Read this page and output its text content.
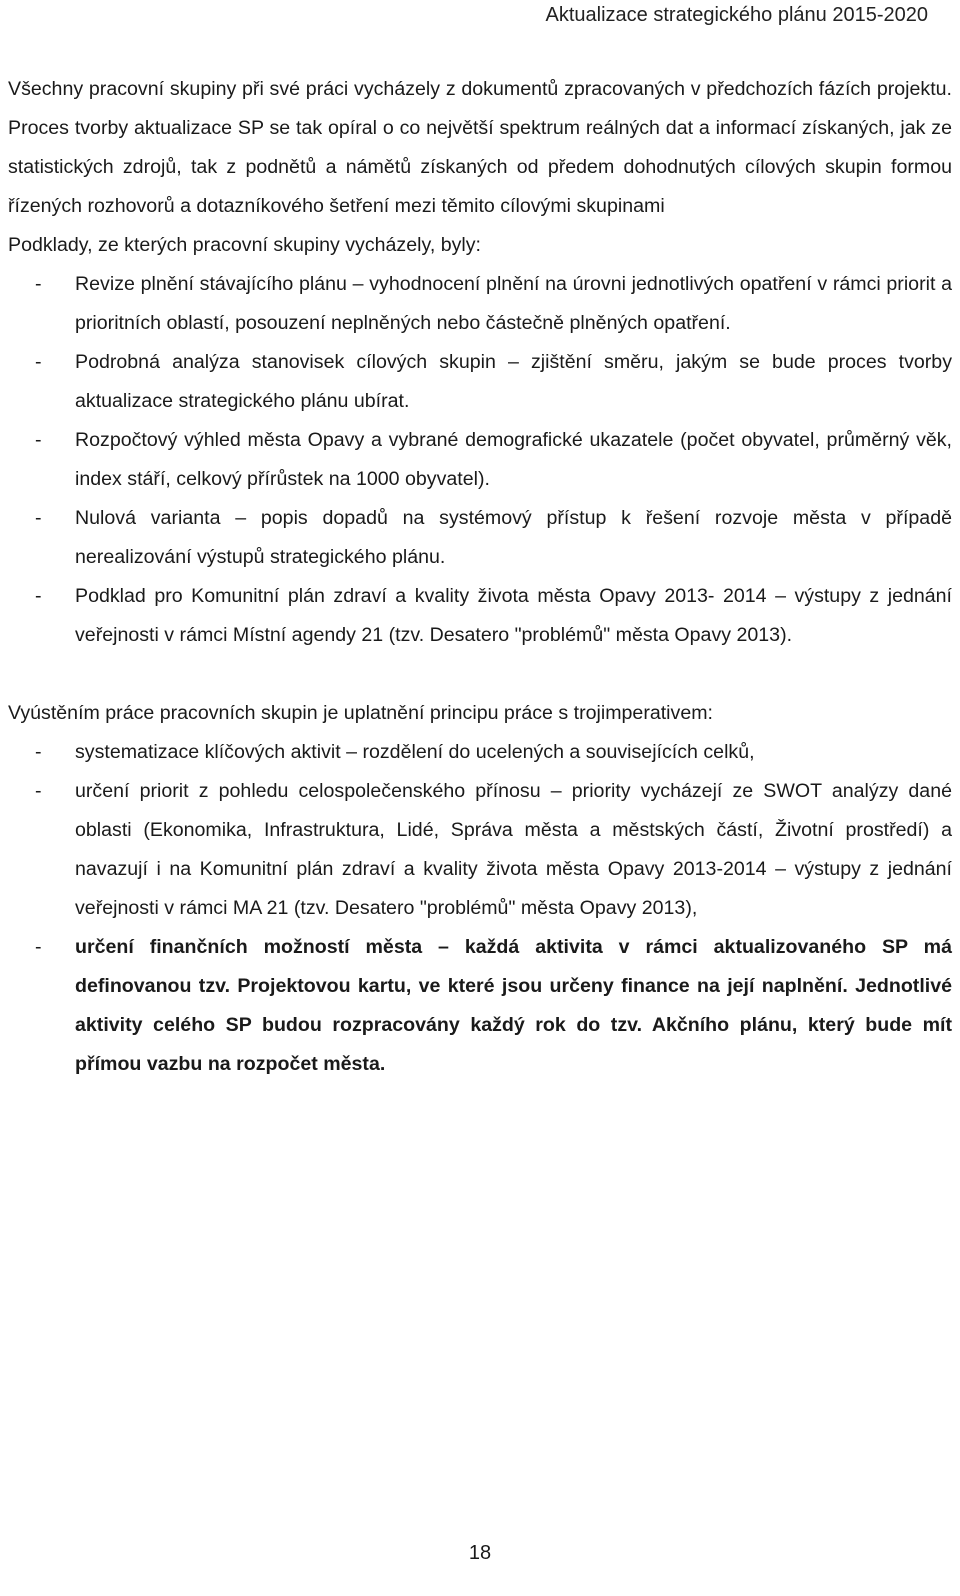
Aktualizace strategického plánu 2015-2020

Všechny pracovní skupiny při své práci vycházely z dokumentů zpracovaných v předchozích fázích projektu. Proces tvorby aktualizace SP se tak opíral o co největší spektrum reálných dat a informací získaných, jak ze statistických zdrojů, tak z podnětů a námětů získaných od předem dohodnutých cílových skupin formou řízených rozhovorů a dotazníkového šetření mezi těmito cílovými skupinami

Podklady, ze kterých pracovní skupiny vycházely, byly:

- Revize plnění stávajícího plánu – vyhodnocení plnění na úrovni jednotlivých opatření v rámci priorit a prioritních oblastí, posouzení neplněných nebo částečně plněných opatření.
- Podrobná analýza stanovisek cílových skupin – zjištění směru, jakým se bude proces tvorby aktualizace strategického plánu ubírat.
- Rozpočtový výhled města Opavy a vybrané demografické ukazatele (počet obyvatel, průměrný věk, index stáří, celkový přírůstek na 1000 obyvatel).
- Nulová varianta – popis dopadů na systémový přístup k řešení rozvoje města v případě nerealizování výstupů strategického plánu.
- Podklad pro Komunitní plán zdraví a kvality života města Opavy 2013- 2014 – výstupy z jednání veřejnosti v rámci Místní agendy 21 (tzv. Desatero "problémů" města Opavy 2013).

Vyústěním práce pracovních skupin je uplatnění principu práce s trojimperativem:

- systematizace klíčových aktivit – rozdělení do ucelených a souvisejících celků,
- určení priorit z pohledu celospolečenského přínosu – priority vycházejí ze SWOT analýzy dané oblasti (Ekonomika, Infrastruktura, Lidé, Správa města a městských částí, Životní prostředí) a navazují i na Komunitní plán zdraví a kvality života města Opavy 2013-2014 – výstupy z jednání veřejnosti v rámci MA 21 (tzv. Desatero "problémů" města Opavy 2013),
- určení finančních možností města – každá aktivita v rámci aktualizovaného SP má definovanou tzv. Projektovou kartu, ve které jsou určeny finance na její naplnění. Jednotlivé aktivity celého SP budou rozpracovány každý rok do tzv. Akčního plánu, který bude mít přímou vazbu na rozpočet města.
18
